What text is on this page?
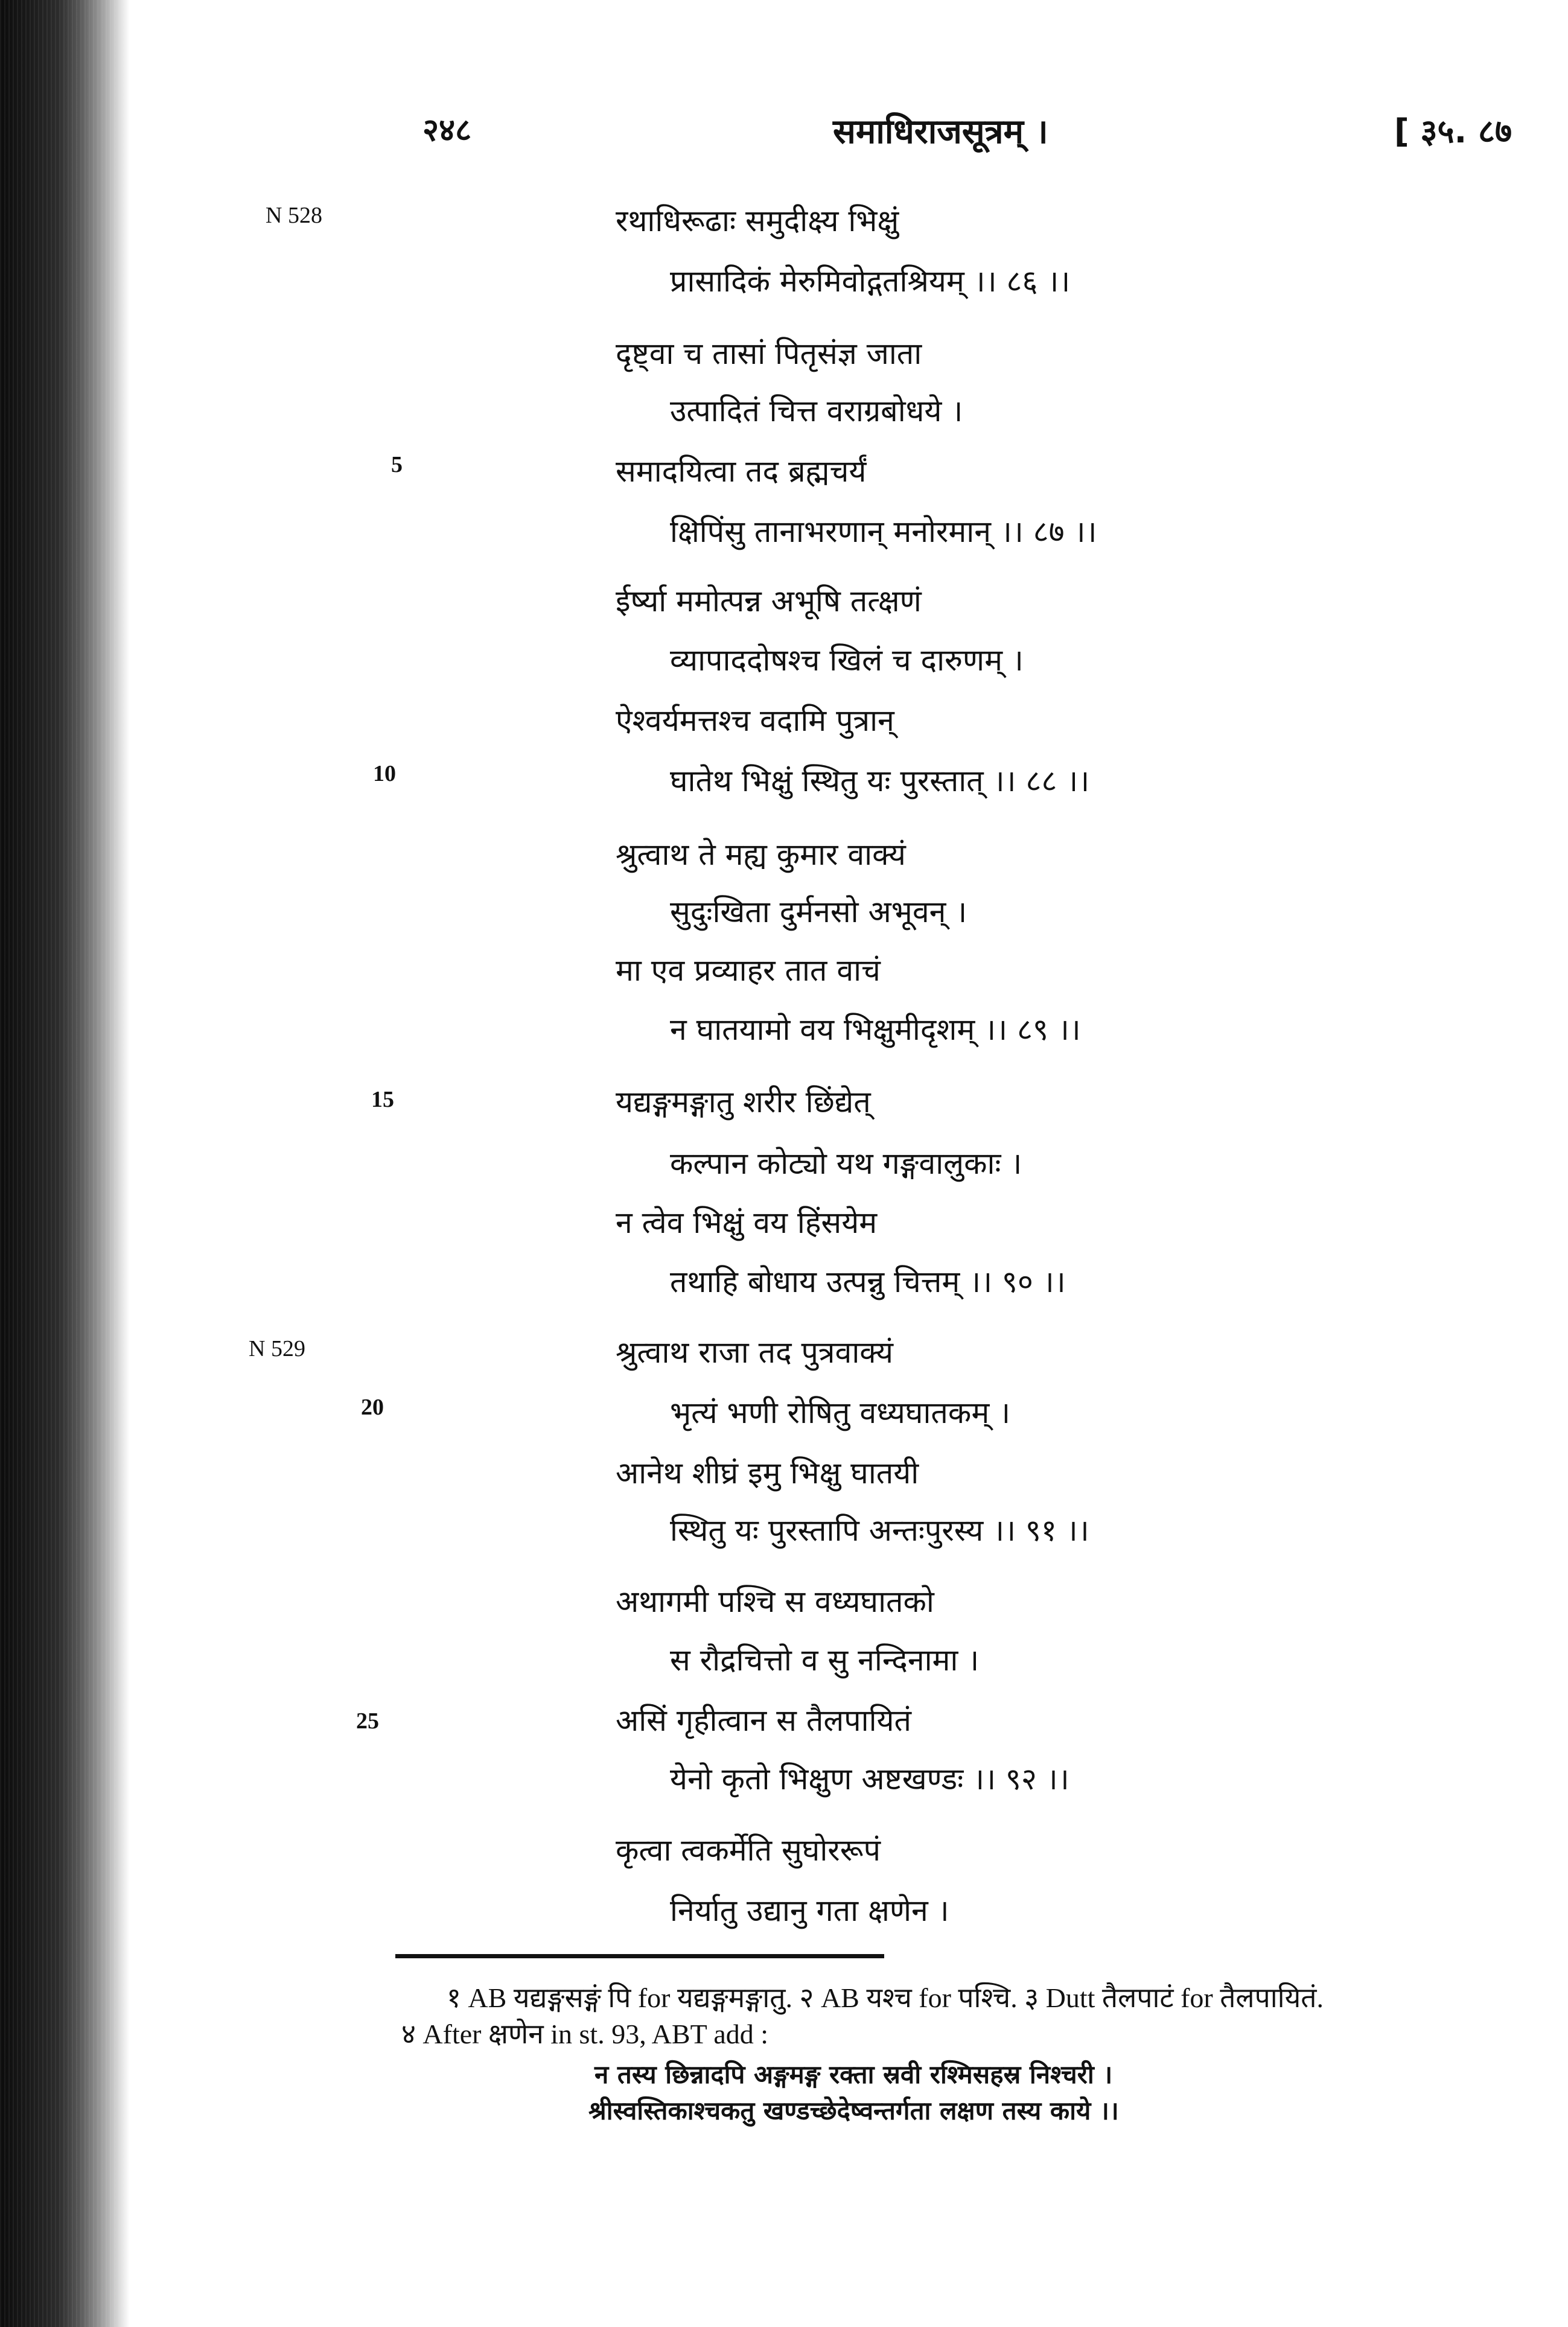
२४८	समाधिराजसूत्रम् ।	[ ३५. ८७
N 528
N 529
5
10
15
20
25
रथाधिरूढाः समुदीक्ष्य भिक्षुं
प्रासादिकं मेरुमिवोद्गतश्रियम् ।। ८६ ।।
दृष्ट्वा च तासां पितृसंज्ञ जाता
उत्पादितं चित्त वराग्रबोधये ।
समादयित्वा तद ब्रह्मचर्यं
क्षिपिंसु तानाभरणान् मनोरमान् ।। ८७ ।।
ईर्ष्या ममोत्पन्न अभूषि तत्क्षणं
व्यापाददोषश्च खिलं च दारुणम् ।
ऐश्वर्यमत्तश्च वदामि पुत्रान्
घातेथ भिक्षुं स्थितु यः पुरस्तात् ।। ८८ ।।
श्रुत्वाथ ते मह्य कुमार वाक्यं
सुदुःखिता दुर्मनसो अभूवन् ।
मा एव प्रव्याहर तात वाचं
न घातयामो वय भिक्षुमीदृशम् ।। ८९ ।।
यद्यङ्गमङ्गातु शरीर छिंद्येत्
कल्पान कोट्यो यथ गङ्गवालुकाः ।
न त्वेव भिक्षुं वय हिंसयेम
तथाहि बोधाय उत्पन्नु चित्तम् ।। ९० ।।
श्रुत्वाथ राजा तद पुत्रवाक्यं
भृत्यं भणी रोषितु वध्यघातकम् ।
आनेथ शीघ्रं इमु भिक्षु घातयी
स्थितु यः पुरस्तापि अन्तःपुरस्य ।। ९१ ।।
अथागमी पश्चि स वध्यघातको
स रौद्रचित्तो व सु नन्दिनामा ।
असिं गृहीत्वान स तैलपायितं
येनो कृतो भिक्षुण अष्टखण्डः ।। ९२ ।।
कृत्वा त्वकर्मेति सुघोररूपं
निर्यातु उद्यानु गता क्षणेन ।
१ AB यद्यङ्गसङ्गं पि for यद्यङ्गमङ्गातु. २ AB यश्च for पश्चि. ३ Dutt तैलपाटं for तैलपायितं.
४ After क्षणेन in st. 93, ABT add :
न तस्य छिन्नादपि अङ्गमङ्ग रक्ता स्रवी रश्मिसहस्र निश्चरी ।
श्रीस्वस्तिकाश्चकतु खण्डच्छेदेष्वन्तर्गता लक्षण तस्य काये ।।
